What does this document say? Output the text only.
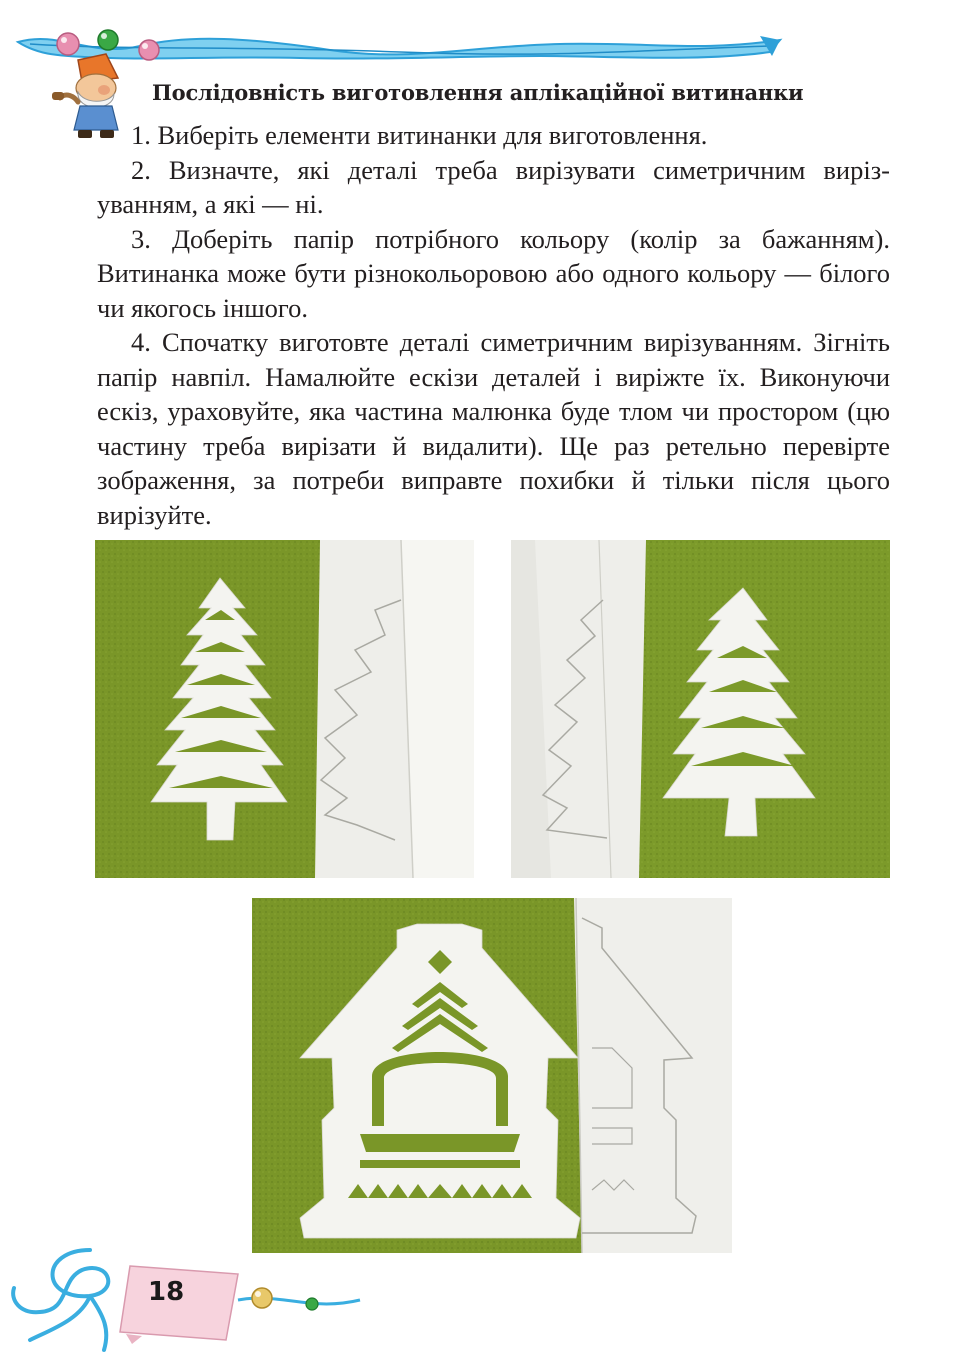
Послідовність виготовлення аплікаційної витинанки

1. Виберіть елементи витинанки для виготовлення.

2. Визначте, які деталі треба вирізувати симетричним вирізуванням, а які — ні.

3. Доберіть папір потрібного кольору (колір за бажанням). Витинанка може бути різнокольоровою або одного кольору — білого чи якогось іншого.

4. Спочатку виготовте деталі симетричним вирізуванням. Зігніть папір навпіл. Намалюйте ескізи деталей і виріжте їх. Виконуючи ескіз, ураховуйте, яка частина малюнка буде тлом чи простором (цю частину треба вирізати й видалити). Ще раз ретельно перевірте зображення, за потреби виправте похибки й тільки після цього вирізуйте.

18
